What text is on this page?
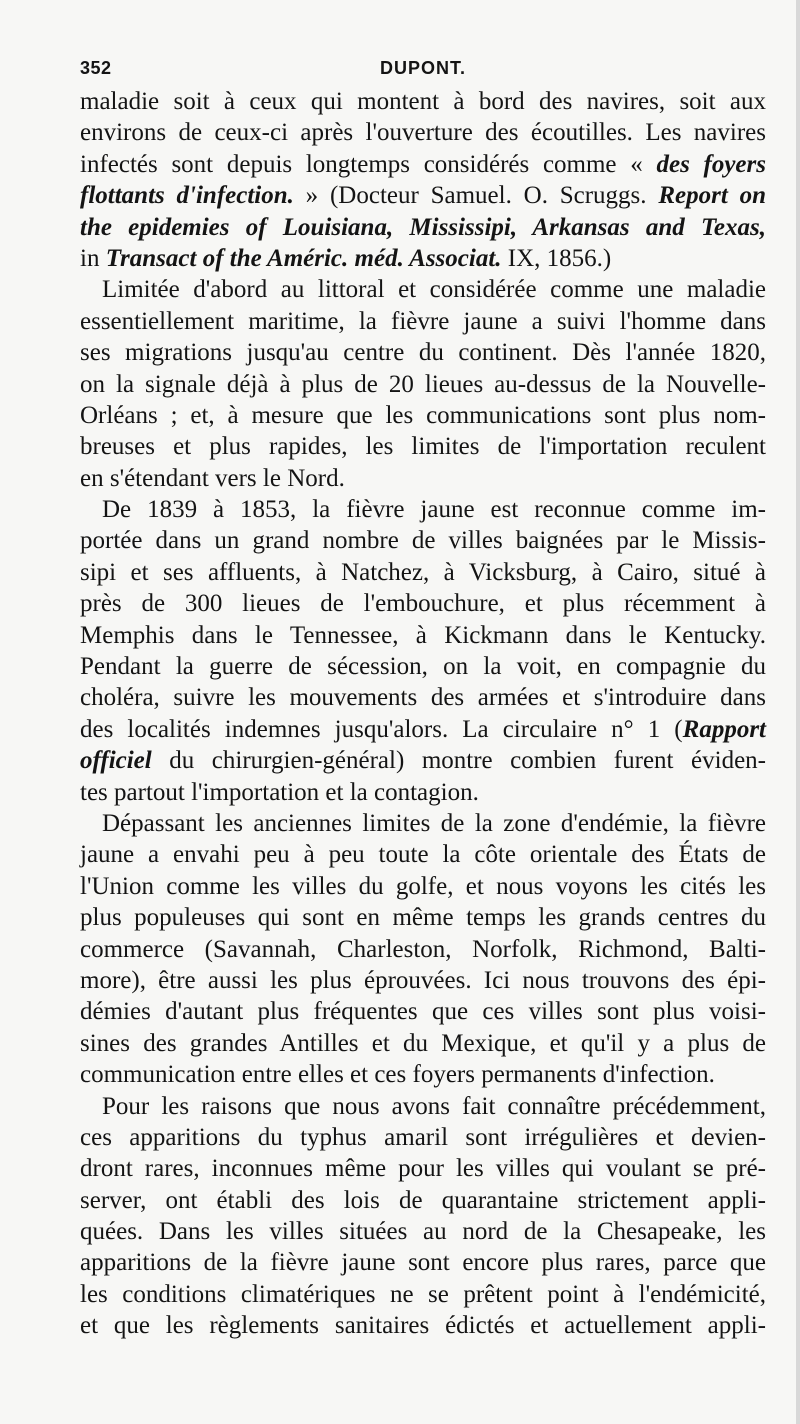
352	DUPONT.
maladie soit à ceux qui montent à bord des navires, soit aux
environs de ceux-ci après l'ouverture des écoutilles. Les navires
infectés sont depuis longtemps considérés comme « des foyers
flottants d'infection. » (Docteur Samuel. O. Scruggs. Report on
the epidemies of Louisiana, Mississipi, Arkansas and Texas,
in Transact of the Améric. méd. Associat. IX, 1856.)
Limitée d'abord au littoral et considérée comme une maladie
essentiellement maritime, la fièvre jaune a suivi l'homme dans
ses migrations jusqu'au centre du continent. Dès l'année 1820,
on la signale déjà à plus de 20 lieues au-dessus de la Nouvelle-
Orléans ; et, à mesure que les communications sont plus nom-
breuses et plus rapides, les limites de l'importation reculent
en s'étendant vers le Nord.
De 1839 à 1853, la fièvre jaune est reconnue comme im-
portée dans un grand nombre de villes baignées par le Missis-
sipi et ses affluents, à Natchez, à Vicksburg, à Cairo, situé à
près de 300 lieues de l'embouchure, et plus récemment à
Memphis dans le Tennessee, à Kickmann dans le Kentucky.
Pendant la guerre de sécession, on la voit, en compagnie du
choléra, suivre les mouvements des armées et s'introduire dans
des localités indemnes jusqu'alors. La circulaire n° 1 (Rapport
officiel du chirurgien-général) montre combien furent éviden-
tes partout l'importation et la contagion.
Dépassant les anciennes limites de la zone d'endémie, la fièvre
jaune a envahi peu à peu toute la côte orientale des États de
l'Union comme les villes du golfe, et nous voyons les cités les
plus populeuses qui sont en même temps les grands centres du
commerce (Savannah, Charleston, Norfolk, Richmond, Balti-
more), être aussi les plus éprouvées. Ici nous trouvons des épi-
démies d'autant plus fréquentes que ces villes sont plus voisi-
sines des grandes Antilles et du Mexique, et qu'il y a plus de
communication entre elles et ces foyers permanents d'infection.
Pour les raisons que nous avons fait connaître précédemment,
ces apparitions du typhus amaril sont irrégulières et devien-
dront rares, inconnues même pour les villes qui voulant se pré-
server, ont établi des lois de quarantaine strictement appli-
quées. Dans les villes situées au nord de la Chesapeake, les
apparitions de la fièvre jaune sont encore plus rares, parce que
les conditions climatériques ne se prêtent point à l'endémicité,
et que les règlements sanitaires édictés et actuellement appli-
